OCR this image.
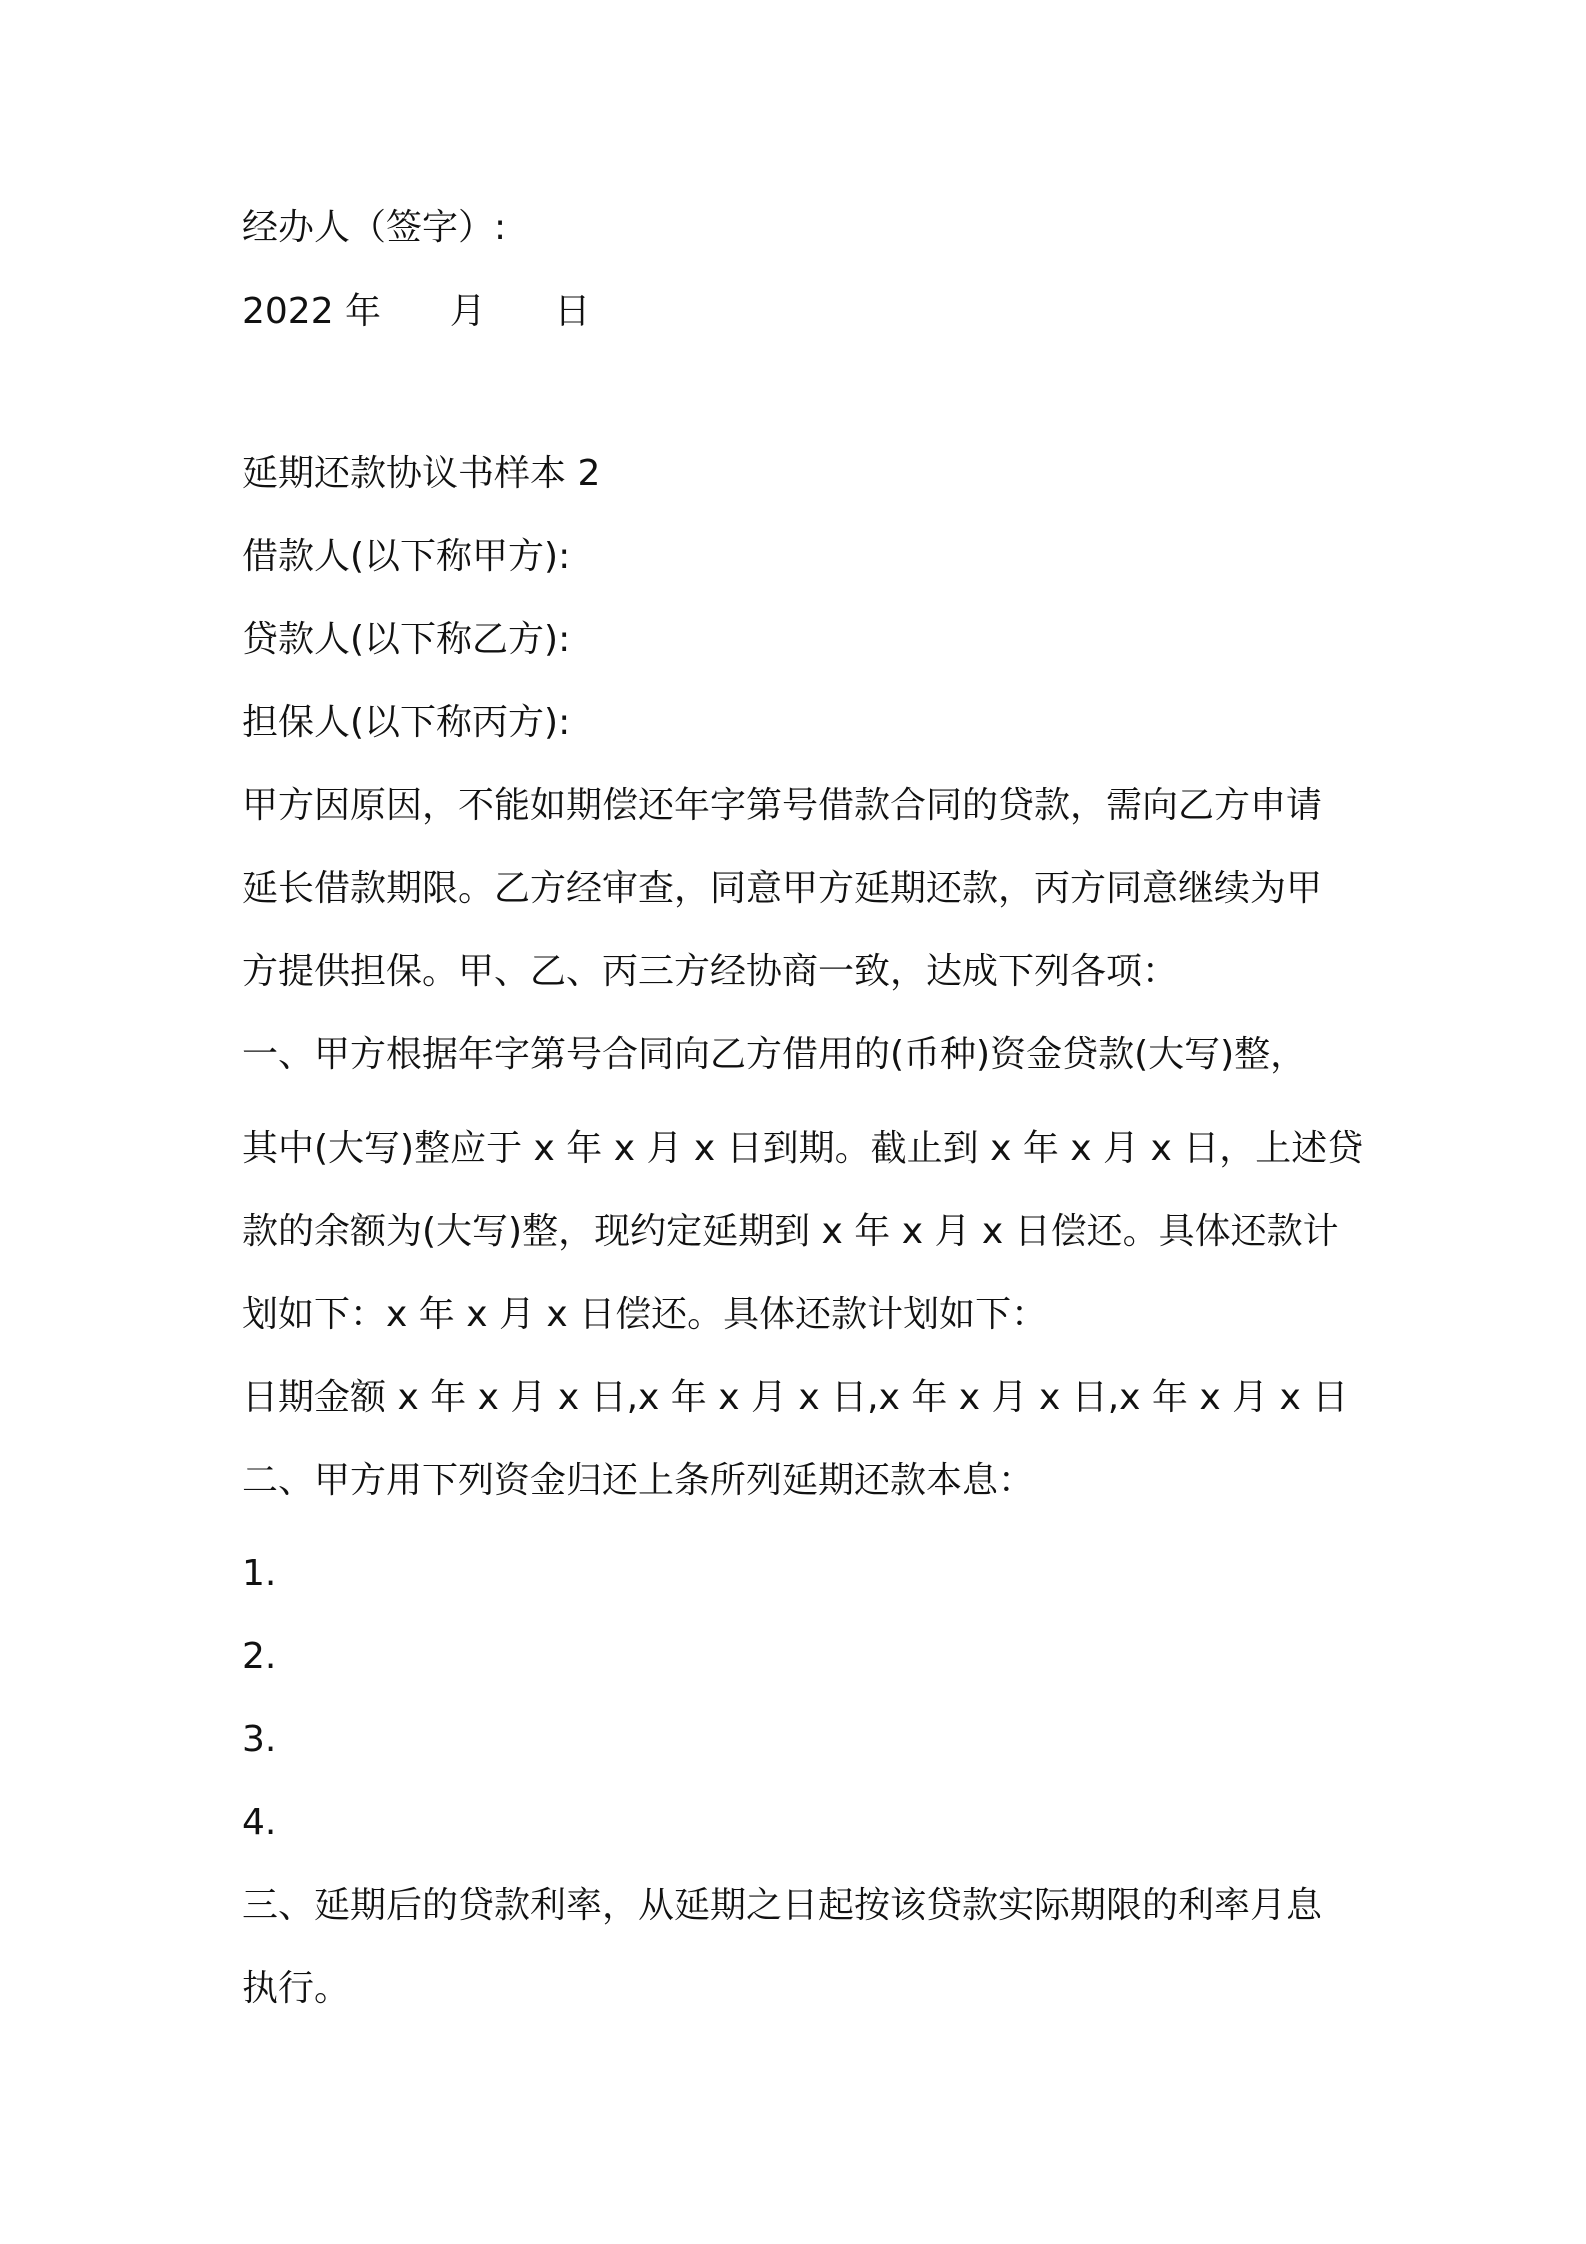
经办人（签字）:
2022 年      月      日
延期还款协议书样本 2
借款人(以下称甲方):
贷款人(以下称乙方):
担保人(以下称丙方):
甲方因原因，不能如期偿还年字第号借款合同的贷款，需向乙方申请
延长借款期限。乙方经审查，同意甲方延期还款，丙方同意继续为甲
方提供担保。甲、乙、丙三方经协商一致，达成下列各项：
一、甲方根据年字第号合同向乙方借用的(币种)资金贷款(大写)整，
其中(大写)整应于 x 年 x 月 x 日到期。截止到 x 年 x 月 x 日，上述贷
款的余额为(大写)整，现约定延期到 x 年 x 月 x 日偿还。具体还款计
划如下：x 年 x 月 x 日偿还。具体还款计划如下：
日期金额 x 年 x 月 x 日,x 年 x 月 x 日,x 年 x 月 x 日,x 年 x 月 x 日
二、甲方用下列资金归还上条所列延期还款本息：
1.
2.
3.
4.
三、延期后的贷款利率，从延期之日起按该贷款实际期限的利率月息
执行。
